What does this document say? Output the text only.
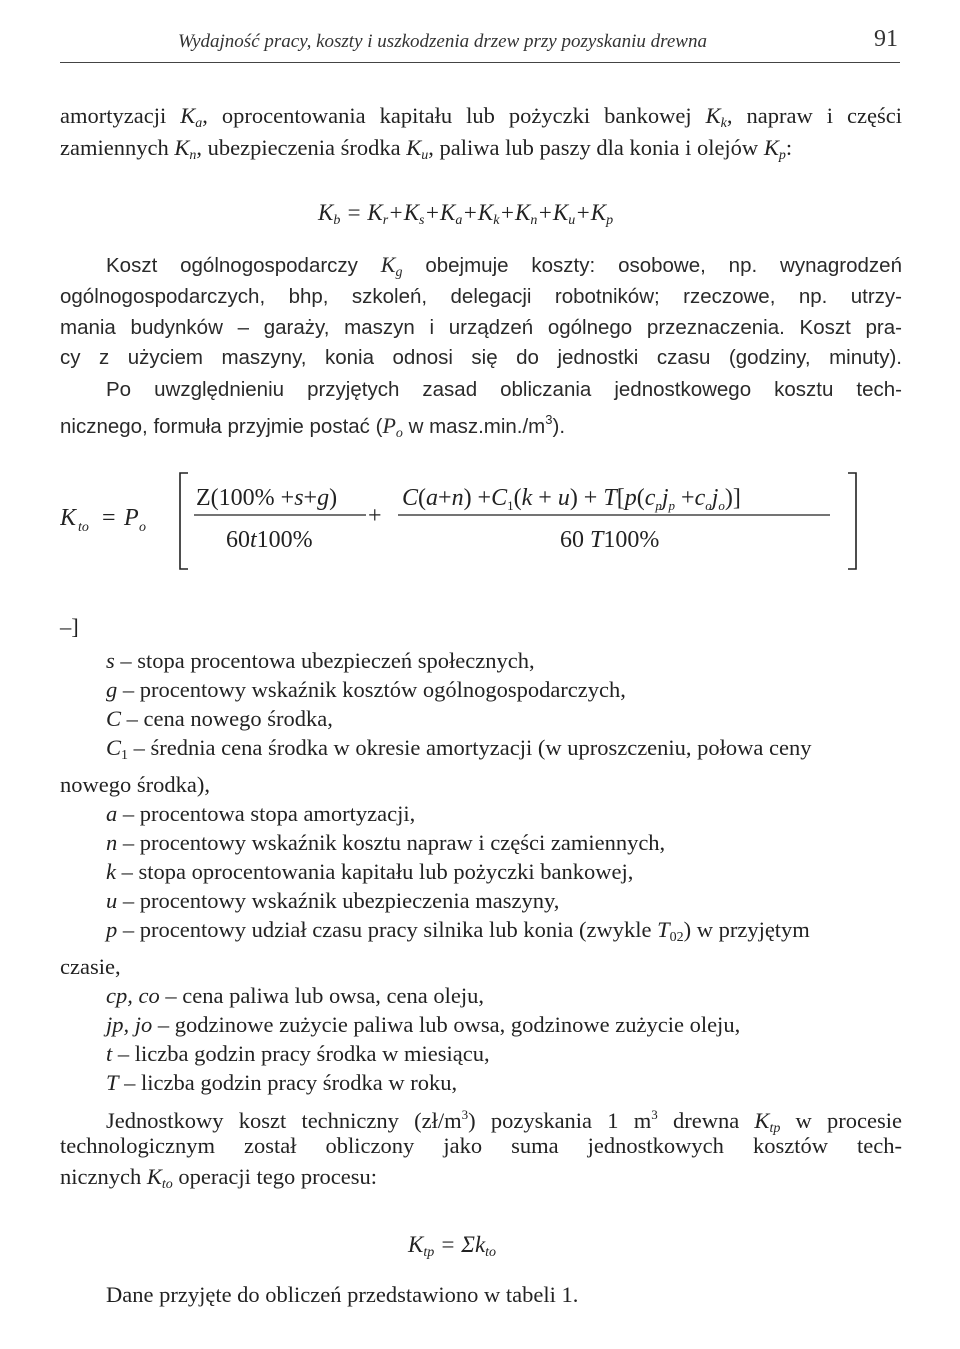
Wydajność pracy, koszty i uszkodzenia drzew przy pozyskaniu drewna	91
amortyzacji $K_a$, oprocentowania kapitału lub pożyczki bankowej $K_k$, napraw i części
zamiennych $K_n$, ubezpieczenia środka $K_u$, paliwa lub paszy dla konia i olejów $K_p$:
$K_b = K_r+K_s+K_a+K_k+K_n+K_u+K_p$
Koszt ogólnogospodarczy $K_g$ obejmuje koszty: osobowe, np. wynagrodzeń
ogólnogospodarczych, bhp, szkoleń, delegacji robotników; rzeczowe, np. utrzy-
mania budynków – garaży, maszyn i urządzeń ogólnego przeznaczenia. Koszt pra-
cy z użyciem maszyny, konia odnosi się do jednostki czasu (godziny, minuty).
Po uwzględnieniu przyjętych zasad obliczania jednostkowego kosztu tech-
nicznego, formuła przyjmie postać ($P_o$ w $masz.\min./m^3$).
K to = P o
Z(100% +s+g)
60t100%
+
$C(a+n) +C_1(k + u) + T[p(c_pj_p +c_oj_o)]$
60 T100%
–]
s – stopa procentowa ubezpieczeń społecznych,
g – procentowy wskaźnik kosztów ogólnogospodarczych,
C – cena nowego środka,
$C_1$ – średnia cena środka w okresie amortyzacji (w uproszczeniu, połowa ceny
nowego środka),
a – procentowa stopa amortyzacji,
n – procentowy wskaźnik kosztu napraw i części zamiennych,
k – stopa oprocentowania kapitału lub pożyczki bankowej,
u – procentowy wskaźnik ubezpieczenia maszyny,
p – procentowy udział czasu pracy silnika lub konia (zwykle $T_{02}$) w przyjętym
czasie,
cp, co – cena paliwa lub owsa, cena oleju,
jp, jo – godzinowe zużycie paliwa lub owsa, godzinowe zużycie oleju,
t – liczba godzin pracy środka w miesiącu,
T – liczba godzin pracy środka w roku,
Jednostkowy koszt techniczny $(zł/m^3)$ pozyskania 1 $m^3$ drewna $K_{tp}$ w procesie
technologicznym został obliczony jako suma jednostkowych kosztów tech-
nicznych $K_{to}$ operacji tego procesu:
$K_{tp} = \Sigma k_{to}$
Dane przyjęte do obliczeń przedstawiono w tabeli 1.
